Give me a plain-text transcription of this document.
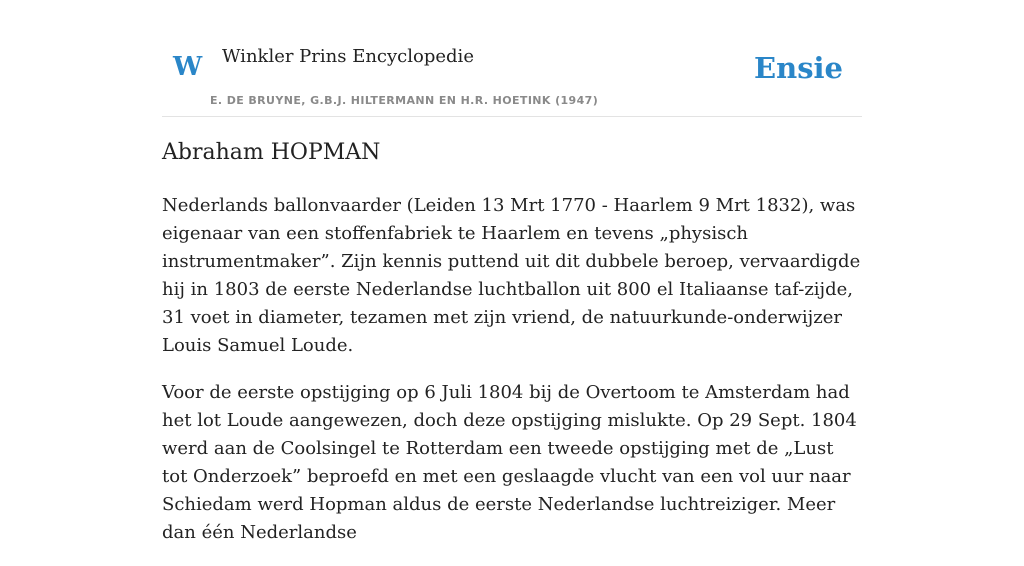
W Winkler Prins Encyclopedie
E. DE BRUYNE, G.B.J. HILTERMANN EN H.R. HOETINK (1947)
Ensie
Abraham HOPMAN

Nederlands ballonvaarder (Leiden 13 Mrt 1770 - Haarlem 9 Mrt 1832), was eigenaar van een stoffenfabriek te Haarlem en tevens „physisch instrumentmaker”. Zijn kennis puttend uit dit dubbele beroep, vervaardigde hij in 1803 de eerste Nederlandse luchtballon uit 800 el Italiaanse taf-zijde, 31 voet in diameter, tezamen met zijn vriend, de natuurkunde-onderwijzer Louis Samuel Loude.

Voor de eerste opstijging op 6 Juli 1804 bij de Overtoom te Amsterdam had het lot Loude aangewezen, doch deze opstijging mislukte. Op 29 Sept. 1804 werd aan de Coolsingel te Rotterdam een tweede opstijging met de „Lust tot Onderzoek” beproefd en met een geslaagde vlucht van een vol uur naar Schiedam werd Hopman aldus de eerste Nederlandse luchtreiziger. Meer dan één Nederlandse
